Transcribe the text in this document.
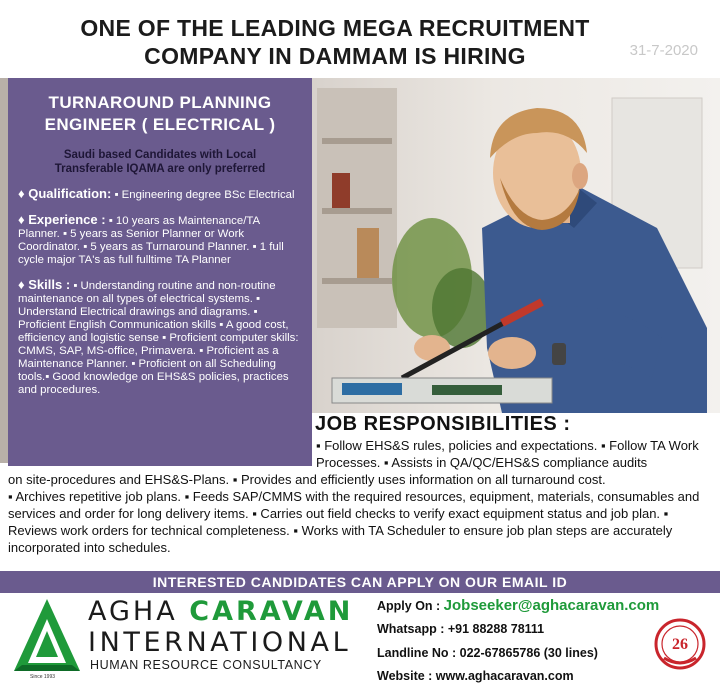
ONE OF THE LEADING MEGA RECRUITMENT
COMPANY IN DAMMAM IS HIRING	31-7-2020
TURNAROUND PLANNING
ENGINEER ( ELECTRICAL )
Saudi based Candidates with Local
Transferable IQAMA are only preferred
♦ Qualification: ▪ Engineering degree BSc Electrical
♦ Experience : ▪ 10 years as Maintenance/TA Planner. ▪ 5 years as Senior Planner or Work Coordinator. ▪ 5 years as Turnaround Planner. ▪ 1 full cycle major TA's as full fulltime TA Planner
♦ Skills : ▪ Understanding routine and non-routine maintenance on all types of electrical systems. ▪ Understand Electrical drawings and diagrams. ▪ Proficient English Communication skills ▪ A good cost, efficiency and logistic sense ▪ Proficient computer skills: CMMS, SAP, MS-office, Primavera. ▪ Proficient as a Maintenance Planner. ▪ Proficient on all Scheduling tools.▪ Good knowledge on EHS&S policies, practices and procedures.
JOB RESPONSIBILITIES :
▪ Follow EHS&S rules, policies and expectations. ▪ Follow TA Work Processes. ▪ Assists in QA/QC/EHS&S compliance audits
on site-procedures and EHS&S-Plans. ▪ Provides and efficiently uses information on all turnaround cost.
▪ Archives repetitive job plans. ▪ Feeds SAP/CMMS with the required resources, equipment, materials, consumables and services and order for long delivery items. ▪ Carries out field checks to verify exact equipment status and job plan. ▪ Reviews work orders for technical completeness. ▪ Works with TA Scheduler to ensure job plan steps are accurately incorporated into schedules.
INTERESTED CANDIDATES CAN APPLY ON OUR EMAIL ID
Since 1993
AGHA CARAVAN
INTERNATIONAL
HUMAN RESOURCE CONSULTANCY
Apply On : Jobseeker@aghacaravan.com
Whatsapp : +91 88288 78111
Landline No : 022-67865786 (30 lines)
Website : www.aghacaravan.com
26
